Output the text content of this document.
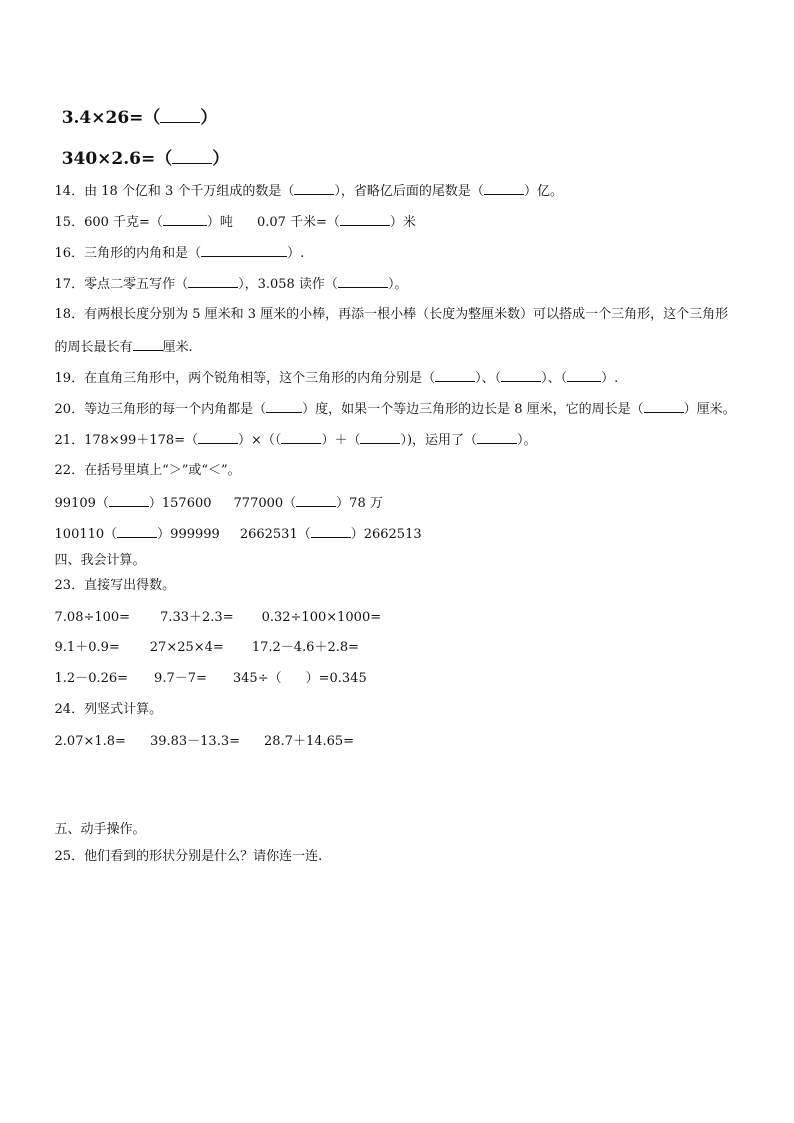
3.4×26=（ ）

340×2.6=（ ）

14．由 18 个亿和 3 个千万组成的数是（	），省略亿后面的尾数是（	）亿。

15．600 千克=（	）吨 0.07 千米=（	）米

16．三角形的内角和是（	）.

17．零点二零五写作（	），3.058 读作（	）。

18．有两根长度分别为 5 厘米和 3 厘米的小棒，再添一根小棒（长度为整厘米数）可以搭成一个三角形，这个三角形

的周长最长有 厘米.

19．在直角三角形中，两个锐角相等，这个三角形的内角分别是（	）、（	）、（	）.

20．等边三角形的每一个内角都是（	）度，如果一个等边三角形的边长是 8 厘米，它的周长是（	）厘米。

21．178×99＋178=（	）×（（	）＋（	）)，运用了（	）。

22．在括号里填上“＞”或“＜”。

99109（	）157600 777000（	）78 万

100110（	）999999 2662531（	）2662513

四、我会计算。

23．直接写出得数。

7.08÷100= 7.33＋2.3= 0.32÷100×1000=

9.1＋0.9= 27×25×4= 17.2－4.6＋2.8=

1.2－0.26= 9.7－7= 345÷（ ）=0.345

24．列竖式计算。

2.07×1.8= 39.83－13.3= 28.7＋14.65=

五、动手操作。

25．他们看到的形状分别是什么？请你连一连.
